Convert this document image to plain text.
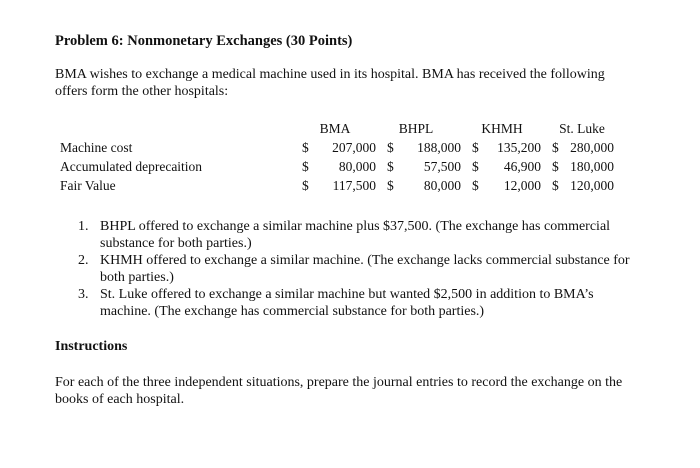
Problem 6: Nonmonetary Exchanges (30 Points)
BMA wishes to exchange a medical machine used in its hospital. BMA has received the following offers form the other hospitals:
BMA	BHPL	KHMH	St. Luke
Machine cost	$	207,000 $	188,000 $	135,200 $ 280,000
Accumulated deprecaition	$	80,000 $	57,500 $	46,900 $ 180,000
Fair Value	$	117,500 $	80,000 $	12,000 $ 120,000
1. BHPL offered to exchange a similar machine plus $37,500. (The exchange has commercial substance for both parties.)
2. KHMH offered to exchange a similar machine. (The exchange lacks commercial substance for both parties.)
3. St. Luke offered to exchange a similar machine but wanted $2,500 in addition to BMA’s machine. (The exchange has commercial substance for both parties.)
Instructions
For each of the three independent situations, prepare the journal entries to record the exchange on the books of each hospital.
